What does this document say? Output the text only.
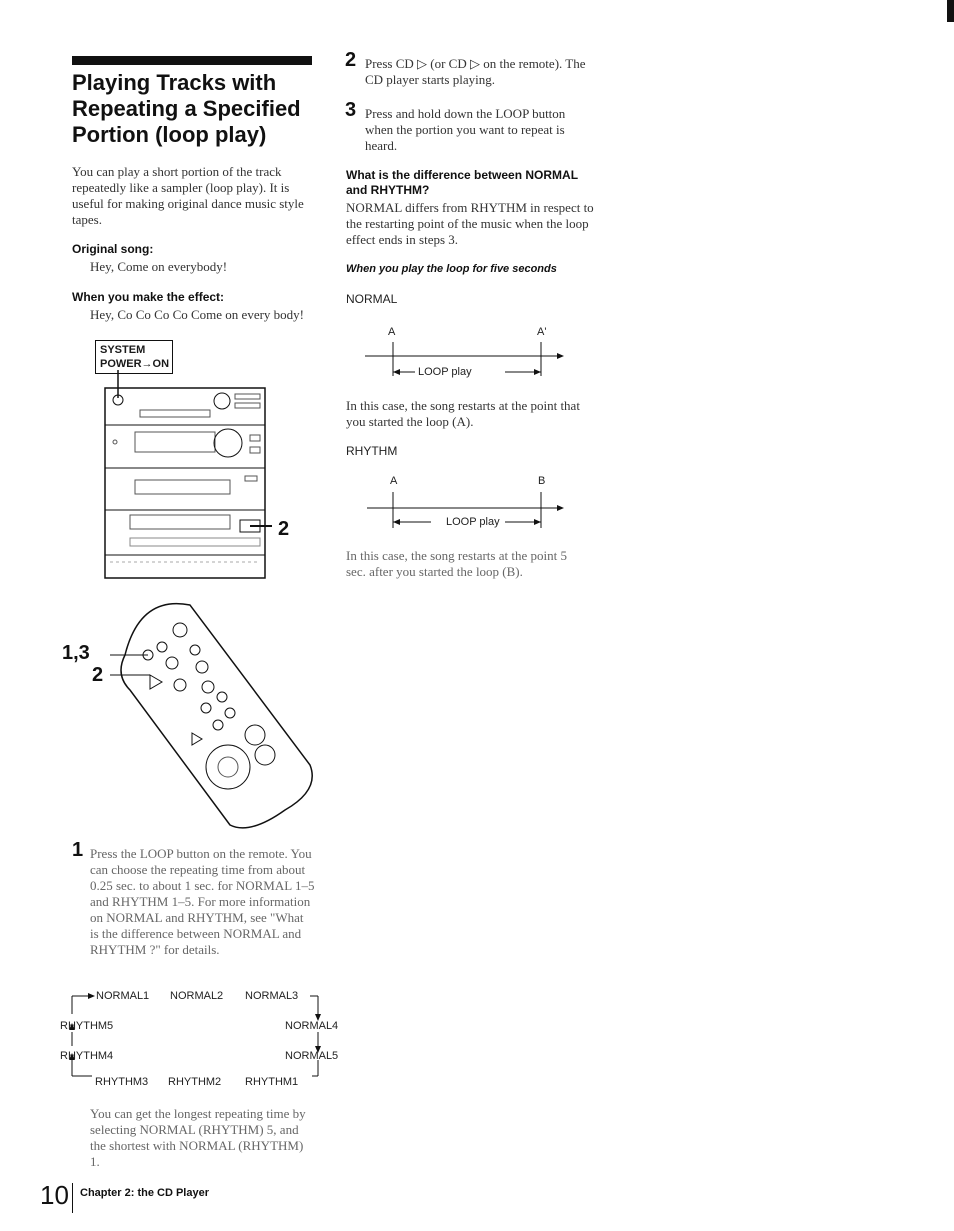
Playing Tracks with Repeating a Specified Portion (loop play)
You can play a short portion of the track repeatedly like a sampler (loop play). It is useful for making original dance music style tapes.
Original song:
Hey, Come on everybody!
When you make the effect:
Hey, Co Co Co Co Come on every body!
SYSTEM
POWER→ON
2
1,3
2
1 Press the LOOP button on the remote. You can choose the repeating time from about 0.25 sec. to about 1 sec. for NORMAL 1–5 and RHYTHM 1–5. For more information on NORMAL and RHYTHM, see "What is the difference between NORMAL and RHYTHM ?" for details.
NORMAL1 NORMAL2 NORMAL3
NORMAL4
NORMAL5
RHYTHM3 RHYTHM2 RHYTHM1
RHYTHM5
RHYTHM4
You can get the longest repeating time by selecting NORMAL (RHYTHM) 5, and the shortest with NORMAL (RHYTHM) 1.
2 Press CD ▷ (or CD ▷ on the remote). The CD player starts playing.
3 Press and hold down the LOOP button when the portion you want to repeat is heard.
What is the difference between NORMAL and RHYTHM?
NORMAL differs from RHYTHM in respect to the restarting point of the music when the loop effect ends in steps 3.
When you play the loop for five seconds
NORMAL
A	A'
LOOP play
In this case, the song restarts at the point that you started the loop (A).
RHYTHM
A	B
LOOP play
In this case, the song restarts at the point 5 sec. after you started the loop (B).
10 Chapter 2: the CD Player
